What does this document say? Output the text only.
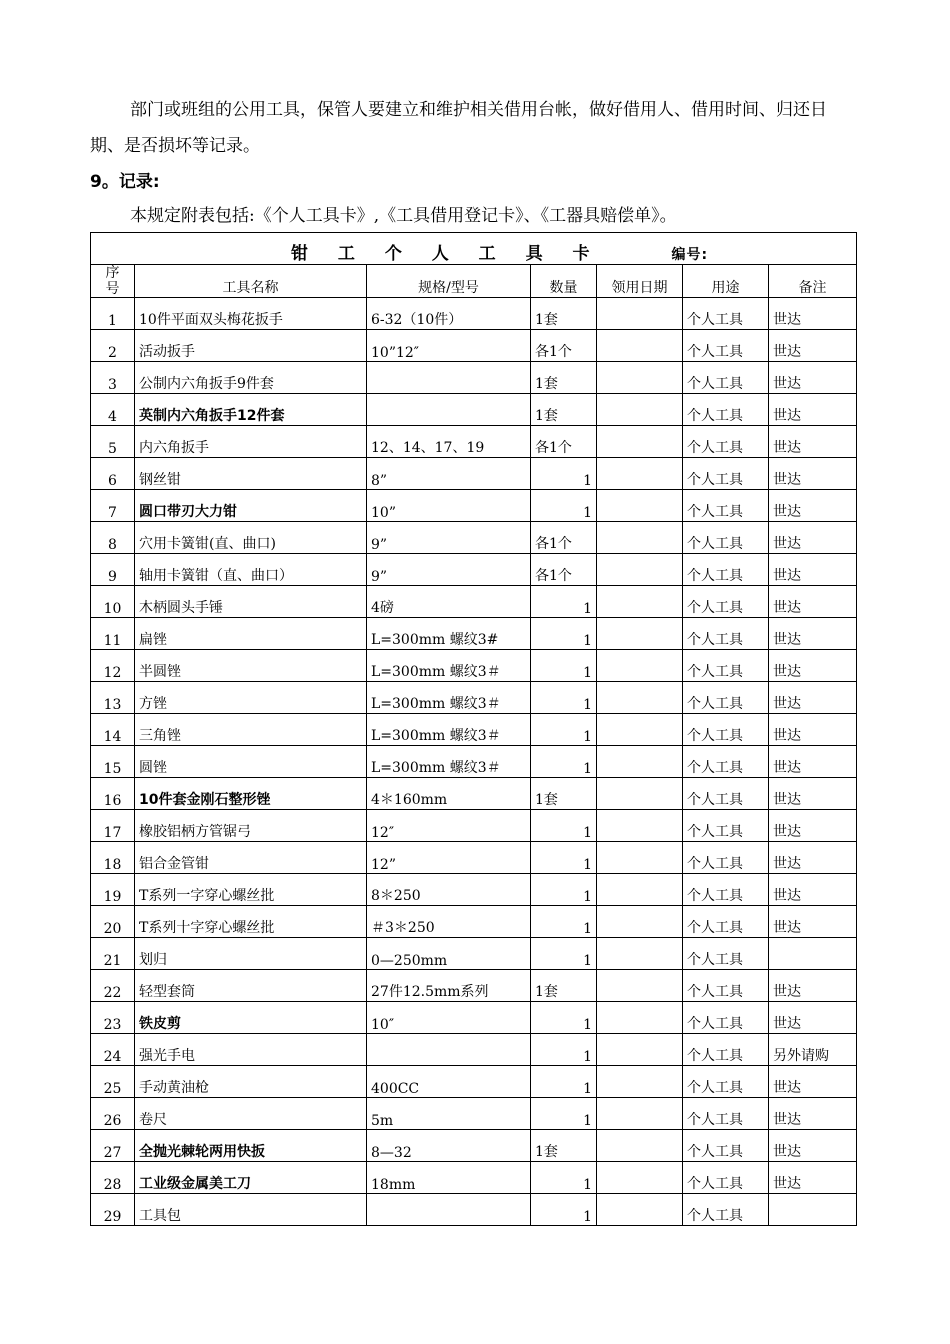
部门或班组的公用工具，保管人要建立和维护相关借用台帐，做好借用人、借用时间、归还日期、是否损坏等记录。
9。记录:
本规定附表包括:《个人工具卡》,《工具借用登记卡》、《工器具赔偿单》。
钳 工 个 人 工 具 卡 编号:						
序
号	工具名称	规格/型号	数量	领用日期	用途	备注
1	10件平面双头梅花扳手	6-32（10件）	1套		个人工具	世达
2	活动扳手	10”12″	各1个		个人工具	世达
3	公制内六角扳手9件套		1套		个人工具	世达
4	英制内六角扳手12件套		1套		个人工具	世达
5	内六角扳手	12、14、17、19	各1个		个人工具	世达
6	钢丝钳	8”	1		个人工具	世达
7	圆口带刃大力钳	10”	1		个人工具	世达
8	穴用卡簧钳(直、曲口)	9”	各1个		个人工具	世达
9	轴用卡簧钳（直、曲口）	9”	各1个		个人工具	世达
10	木柄圆头手锤	4磅	1		个人工具	世达
11	扁锉	L=300mm 螺纹3#	1		个人工具	世达
12	半圆锉	L=300mm 螺纹3＃	1		个人工具	世达
13	方锉	L=300mm 螺纹3＃	1		个人工具	世达
14	三角锉	L=300mm 螺纹3＃	1		个人工具	世达
15	圆锉	L=300mm 螺纹3＃	1		个人工具	世达
16	10件套金刚石整形锉	4＊160mm	1套		个人工具	世达
17	橡胶铝柄方管锯弓	12″	1		个人工具	世达
18	铝合金管钳	12”	1		个人工具	世达
19	T系列一字穿心螺丝批	8＊250	1		个人工具	世达
20	T系列十字穿心螺丝批	＃3＊250	1		个人工具	世达
21	划归	0—250mm	1		个人工具	
22	轻型套筒	27件12.5mm系列	1套		个人工具	世达
23	铁皮剪	10″	1		个人工具	世达
24	强光手电		1		个人工具	另外请购
25	手动黄油枪	400CC	1		个人工具	世达
26	卷尺	5m	1		个人工具	世达
27	全抛光棘轮两用快扳	8—32	1套		个人工具	世达
28	工业级金属美工刀	18mm	1		个人工具	世达
29	工具包		1		个人工具	
